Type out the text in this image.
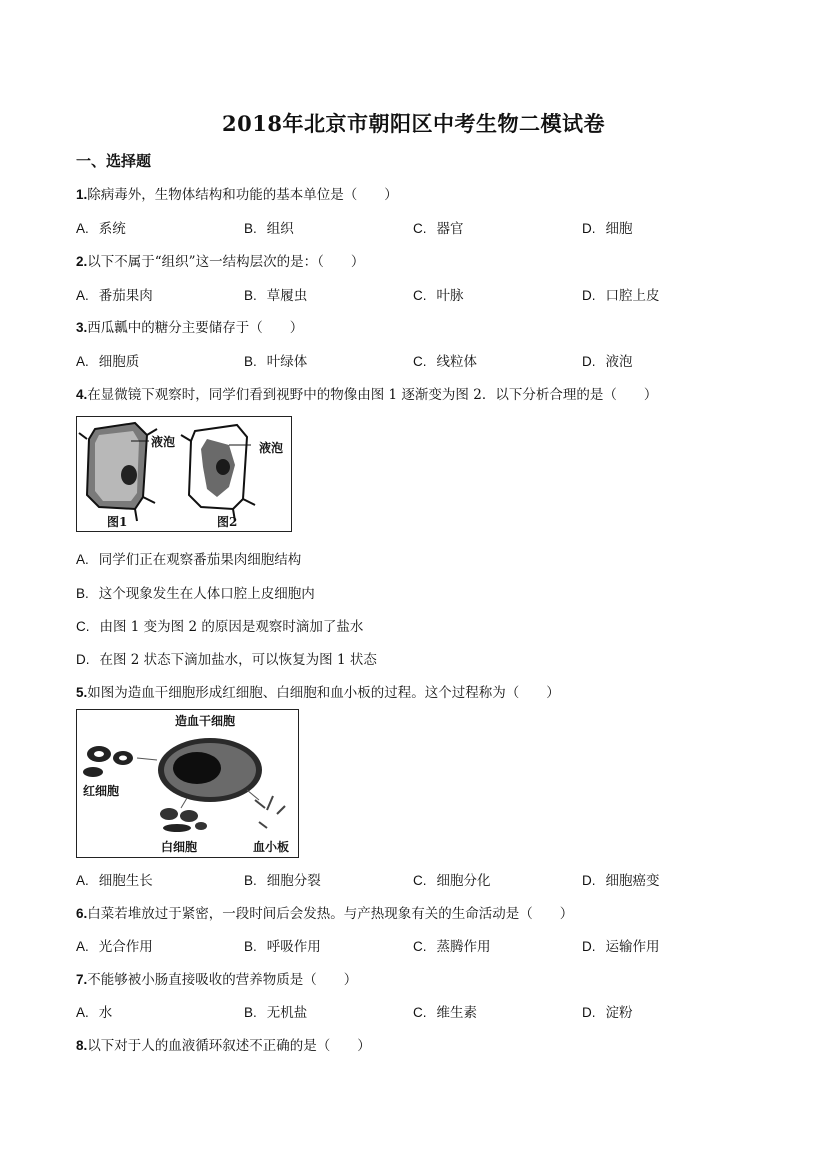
2018年北京市朝阳区中考生物二模试卷
一、选择题
1.除病毒外，生物体结构和功能的基本单位是（　　）
A. 系统	B. 组织	C. 器官	D. 细胞
2.以下不属于“组织”这一结构层次的是：（　　）
A. 番茄果肉	B. 草履虫	C. 叶脉	D. 口腔上皮
3.西瓜瓤中的糖分主要储存于（　　）
A. 细胞质	B. 叶绿体	C. 线粒体	D. 液泡
4.在显微镜下观察时，同学们看到视野中的物像由图 1 逐渐变为图 2．以下分析合理的是（　　）
液泡	液泡
图1	图2
A. 同学们正在观察番茄果肉细胞结构
B. 这个现象发生在人体口腔上皮细胞内
C. 由图 1 变为图 2 的原因是观察时滴加了盐水
D. 在图 2 状态下滴加盐水，可以恢复为图 1 状态
5.如图为造血干细胞形成红细胞、白细胞和血小板的过程。这个过程称为（　　）
造血干细胞
红细胞
白细胞	血小板
A. 细胞生长	B. 细胞分裂	C. 细胞分化	D. 细胞癌变
6.白菜若堆放过于紧密，一段时间后会发热。与产热现象有关的生命活动是（　　）
A. 光合作用	B. 呼吸作用	C. 蒸腾作用	D. 运输作用
7.不能够被小肠直接吸收的营养物质是（　　）
A. 水	B. 无机盐	C. 维生素	D. 淀粉
8.以下对于人的血液循环叙述不正确的是（　　）
